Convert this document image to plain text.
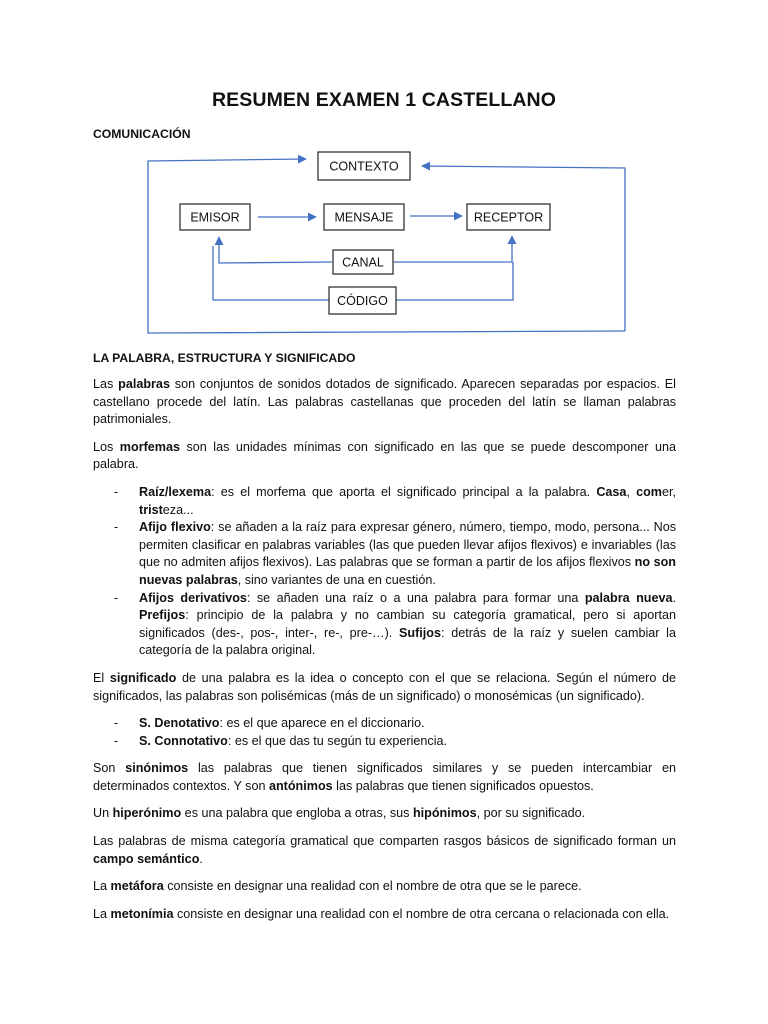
RESUMEN EXAMEN 1 CASTELLANO
COMUNICACIÓN
CONTEXTO
EMISOR	MENSAJE	RECEPTOR
CANAL
CÓDIGO
LA PALABRA, ESTRUCTURA Y SIGNIFICADO

Las palabras son conjuntos de sonidos dotados de significado. Aparecen separadas por espacios. El castellano procede del latín. Las palabras castellanas que proceden del latín se llaman palabras patrimoniales.

Los morfemas son las unidades mínimas con significado en las que se puede descomponer una palabra.

- Raíz/lexema: es el morfema que aporta el significado principal a la palabra. Casa, comer, tristeza...
- Afijo flexivo: se añaden a la raíz para expresar género, número, tiempo, modo, persona... Nos permiten clasificar en palabras variables (las que pueden llevar afijos flexivos) e invariables (las que no admiten afijos flexivos). Las palabras que se forman a partir de los afijos flexivos no son nuevas palabras, sino variantes de una en cuestión.
- Afijos derivativos: se añaden una raíz o a una palabra para formar una palabra nueva. Prefijos: principio de la palabra y no cambian su categoría gramatical, pero si aportan significados (des-, pos-, inter-, re-, pre-…). Sufijos: detrás de la raíz y suelen cambiar la categoría de la palabra original.

El significado de una palabra es la idea o concepto con el que se relaciona. Según el número de significados, las palabras son polisémicas (más de un significado) o monosémicas (un significado).

- S. Denotativo: es el que aparece en el diccionario.
- S. Connotativo: es el que das tu según tu experiencia.

Son sinónimos las palabras que tienen significados similares y se pueden intercambiar en determinados contextos. Y son antónimos las palabras que tienen significados opuestos.

Un hiperónimo es una palabra que engloba a otras, sus hipónimos, por su significado.

Las palabras de misma categoría gramatical que comparten rasgos básicos de significado forman un campo semántico.

La metáfora consiste en designar una realidad con el nombre de otra que se le parece.

La metonímia consiste en designar una realidad con el nombre de otra cercana o relacionada con ella.
